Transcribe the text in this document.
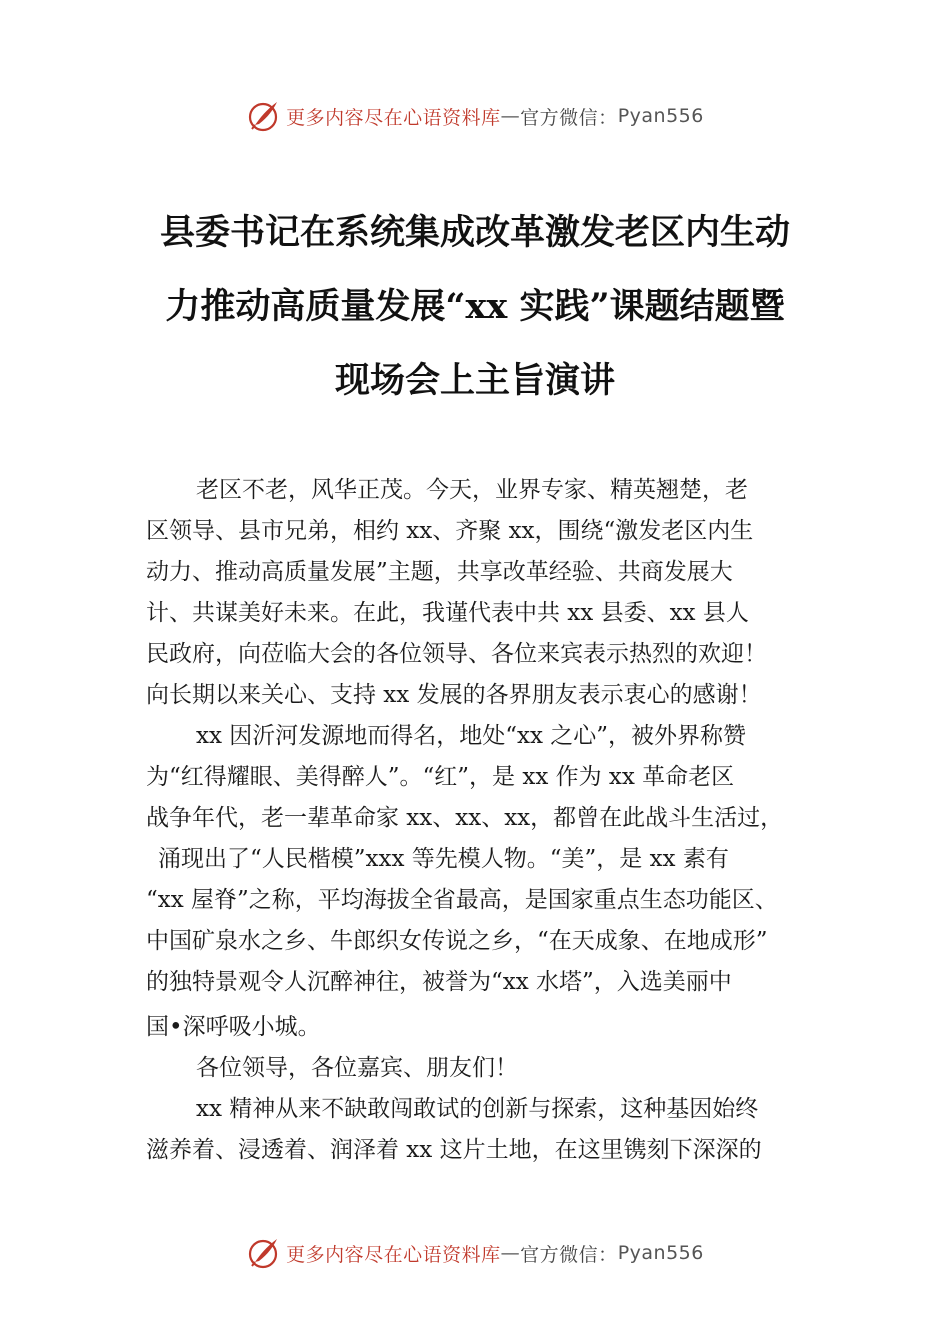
更多内容尽在心语资料库 — 官方微信： Pyan556
县委书记在系统集成改革激发老区内生动
力推动高质量发展“xx 实践”课题结题暨
现场会上主旨演讲
老区不老，风华正茂。今天，业界专家、精英翘楚，老
区领导、县市兄弟，相约 xx、齐聚 xx，围绕“激发老区内生
动力、推动高质量发展”主题，共享改革经验、共商发展大
计、共谋美好未来。在此，我谨代表中共 xx 县委、xx 县人
民政府，向莅临大会的各位领导、各位来宾表示热烈的欢迎！
向长期以来关心、支持 xx 发展的各界朋友表示衷心的感谢！
xx 因沂河发源地而得名，地处“xx 之心”，被外界称赞
为“红得耀眼、美得醉人”。“红”，是 xx 作为 xx 革命老区
战争年代，老一辈革命家 xx、xx、xx，都曾在此战斗生活过，
涌现出了“人民楷模”xxx 等先模人物。“美”，是 xx 素有
“xx 屋脊”之称，平均海拔全省最高，是国家重点生态功能区、
中国矿泉水之乡、牛郎织女传说之乡，“在天成象、在地成形”
的独特景观令人沉醉神往，被誉为“xx 水塔”，入选美丽中
国•深呼吸小城。
各位领导，各位嘉宾、朋友们！
xx 精神从来不缺敢闯敢试的创新与探索，这种基因始终
滋养着、浸透着、润泽着 xx 这片土地，在这里镌刻下深深的
更多内容尽在心语资料库 — 官方微信： Pyan556
